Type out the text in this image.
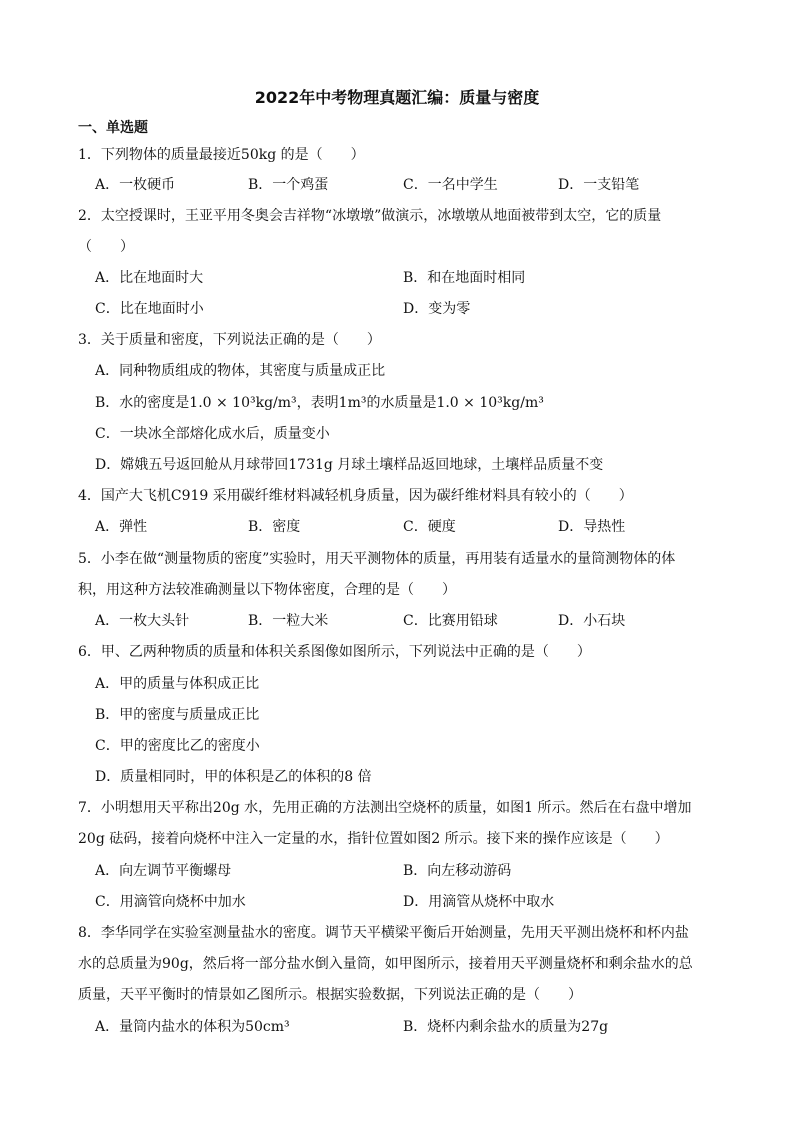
2022年中考物理真题汇编：质量与密度
一、单选题
1．下列物体的质量最接近50kg 的是（　　）
A．一枚硬币	B．一个鸡蛋	C．一名中学生	D．一支铅笔
2．太空授课时，王亚平用冬奥会吉祥物“冰墩墩”做演示，冰墩墩从地面被带到太空，它的质量
（　　）
A．比在地面时大	B．和在地面时相同
C．比在地面时小	D．变为零
3．关于质量和密度，下列说法正确的是（　　）
A．同种物质组成的物体，其密度与质量成正比
B．水的密度是1.0 × 10³kg/m³，表明1m³的水质量是1.0 × 10³kg/m³
C．一块冰全部熔化成水后，质量变小
D．嫦娥五号返回舱从月球带回1731g 月球土壤样品返回地球，土壤样品质量不变
4．国产大飞机C919 采用碳纤维材料减轻机身质量，因为碳纤维材料具有较小的（　　）
A．弹性	B．密度	C．硬度	D．导热性
5．小李在做“测量物质的密度”实验时，用天平测物体的质量，再用装有适量水的量筒测物体的体
积，用这种方法较准确测量以下物体密度，合理的是（　　）
A．一枚大头针	B．一粒大米	C．比赛用铅球	D．小石块
6．甲、乙两种物质的质量和体积关系图像如图所示，下列说法中正确的是（　　）
A．甲的质量与体积成正比
B．甲的密度与质量成正比
C．甲的密度比乙的密度小
D．质量相同时，甲的体积是乙的体积的8 倍
7．小明想用天平称出20g 水，先用正确的方法测出空烧杯的质量，如图1 所示。然后在右盘中增加
20g 砝码，接着向烧杯中注入一定量的水，指针位置如图2 所示。接下来的操作应该是（　　）
A．向左调节平衡螺母	B．向左移动游码
C．用滴管向烧杯中加水	D．用滴管从烧杯中取水
8．李华同学在实验室测量盐水的密度。调节天平横梁平衡后开始测量，先用天平测出烧杯和杯内盐
水的总质量为90g，然后将一部分盐水倒入量筒，如甲图所示，接着用天平测量烧杯和剩余盐水的总
质量，天平平衡时的情景如乙图所示。根据实验数据，下列说法正确的是（　　）
A．量筒内盐水的体积为50cm³	B．烧杯内剩余盐水的质量为27g
